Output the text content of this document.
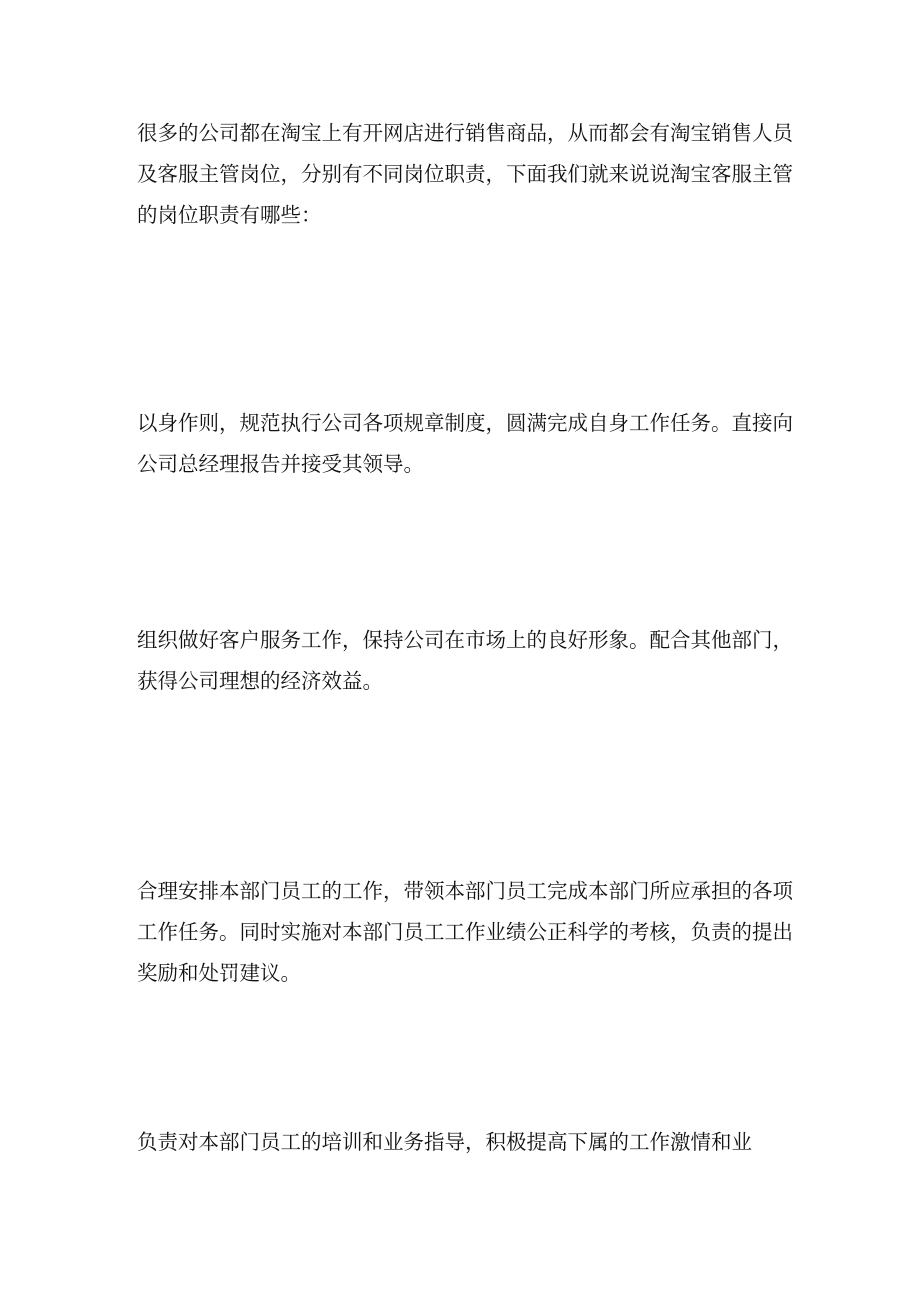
很多的公司都在淘宝上有开网店进行销售商品，从而都会有淘宝销售人员
及客服主管岗位，分别有不同岗位职责，下面我们就来说说淘宝客服主管
的岗位职责有哪些：
以身作则，规范执行公司各项规章制度，圆满完成自身工作任务。直接向
公司总经理报告并接受其领导。
组织做好客户服务工作，保持公司在市场上的良好形象。配合其他部门，
获得公司理想的经济效益。
合理安排本部门员工的工作，带领本部门员工完成本部门所应承担的各项
工作任务。同时实施对本部门员工工作业绩公正科学的考核，负责的提出
奖励和处罚建议。
负责对本部门员工的培训和业务指导，积极提高下属的工作激情和业
